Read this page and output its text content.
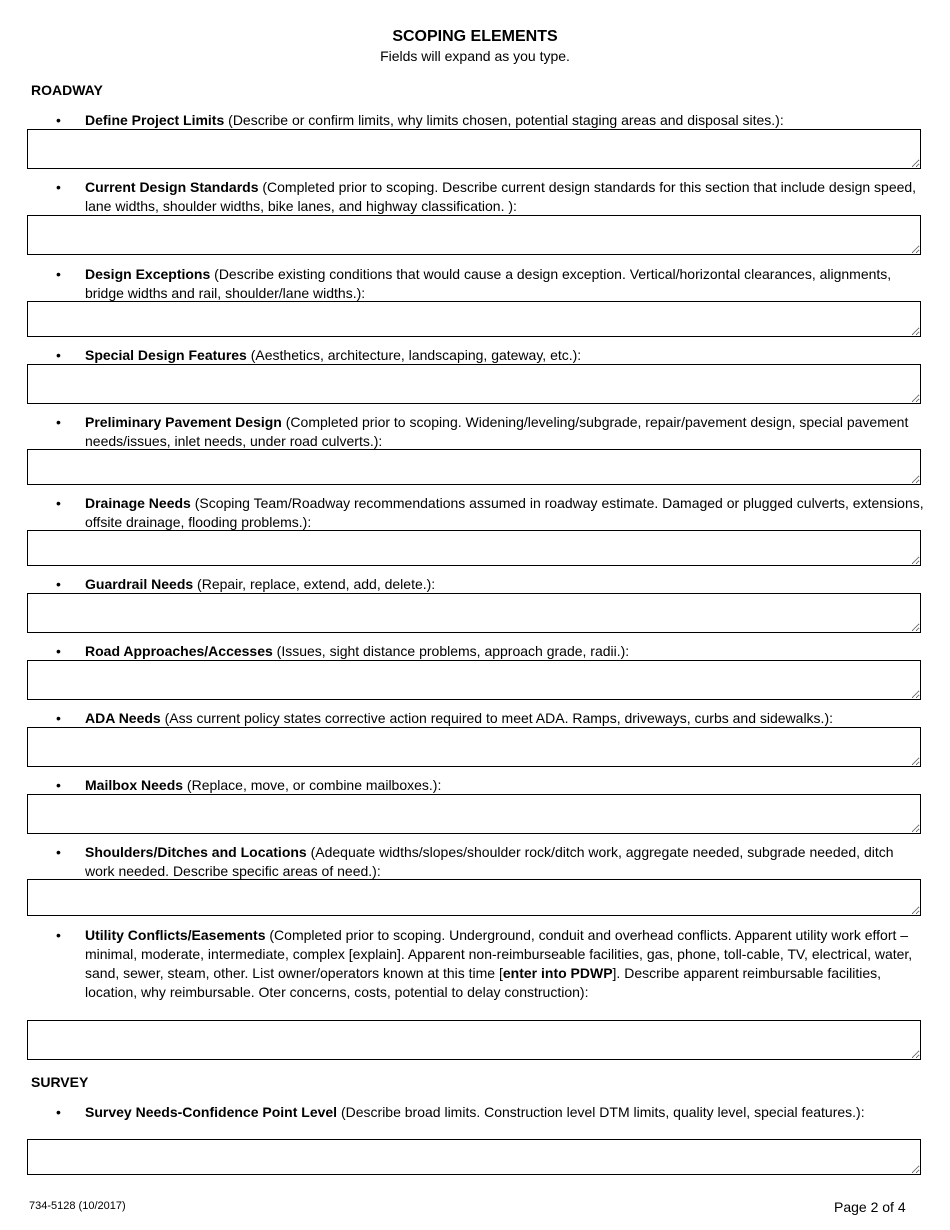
SCOPING ELEMENTS
Fields will expand as you type.
ROADWAY
• Define Project Limits (Describe or confirm limits, why limits chosen, potential staging areas and disposal sites.):
• Current Design Standards (Completed prior to scoping. Describe current design standards for this section that include design speed, lane widths, shoulder widths, bike lanes, and highway classification. ):
• Design Exceptions (Describe existing conditions that would cause a design exception. Vertical/horizontal clearances, alignments, bridge widths and rail, shoulder/lane widths.):
• Special Design Features (Aesthetics, architecture, landscaping, gateway, etc.):
• Preliminary Pavement Design (Completed prior to scoping. Widening/leveling/subgrade, repair/pavement design, special pavement needs/issues, inlet needs, under road culverts.):
• Drainage Needs (Scoping Team/Roadway recommendations assumed in roadway estimate. Damaged or plugged culverts, extensions, offsite drainage, flooding problems.):
• Guardrail Needs (Repair, replace, extend, add, delete.):
• Road Approaches/Accesses (Issues, sight distance problems, approach grade, radii.):
• ADA Needs (Ass current policy states corrective action required to meet ADA. Ramps, driveways, curbs and sidewalks.):
• Mailbox Needs (Replace, move, or combine mailboxes.):
• Shoulders/Ditches and Locations (Adequate widths/slopes/shoulder rock/ditch work, aggregate needed, subgrade needed, ditch work needed. Describe specific areas of need.):
• Utility Conflicts/Easements (Completed prior to scoping. Underground, conduit and overhead conflicts. Apparent utility work effort – minimal, moderate, intermediate, complex [explain]. Apparent non-reimburseable facilities, gas, phone, toll-cable, TV, electrical, water, sand, sewer, steam, other. List owner/operators known at this time [enter into PDWP]. Describe apparent reimbursable facilities, location, why reimbursable. Oter concerns, costs, potential to delay construction):
SURVEY
• Survey Needs-Confidence Point Level (Describe broad limits. Construction level DTM limits, quality level, special features.):
734-5128 (10/2017)	Page 2 of 4
